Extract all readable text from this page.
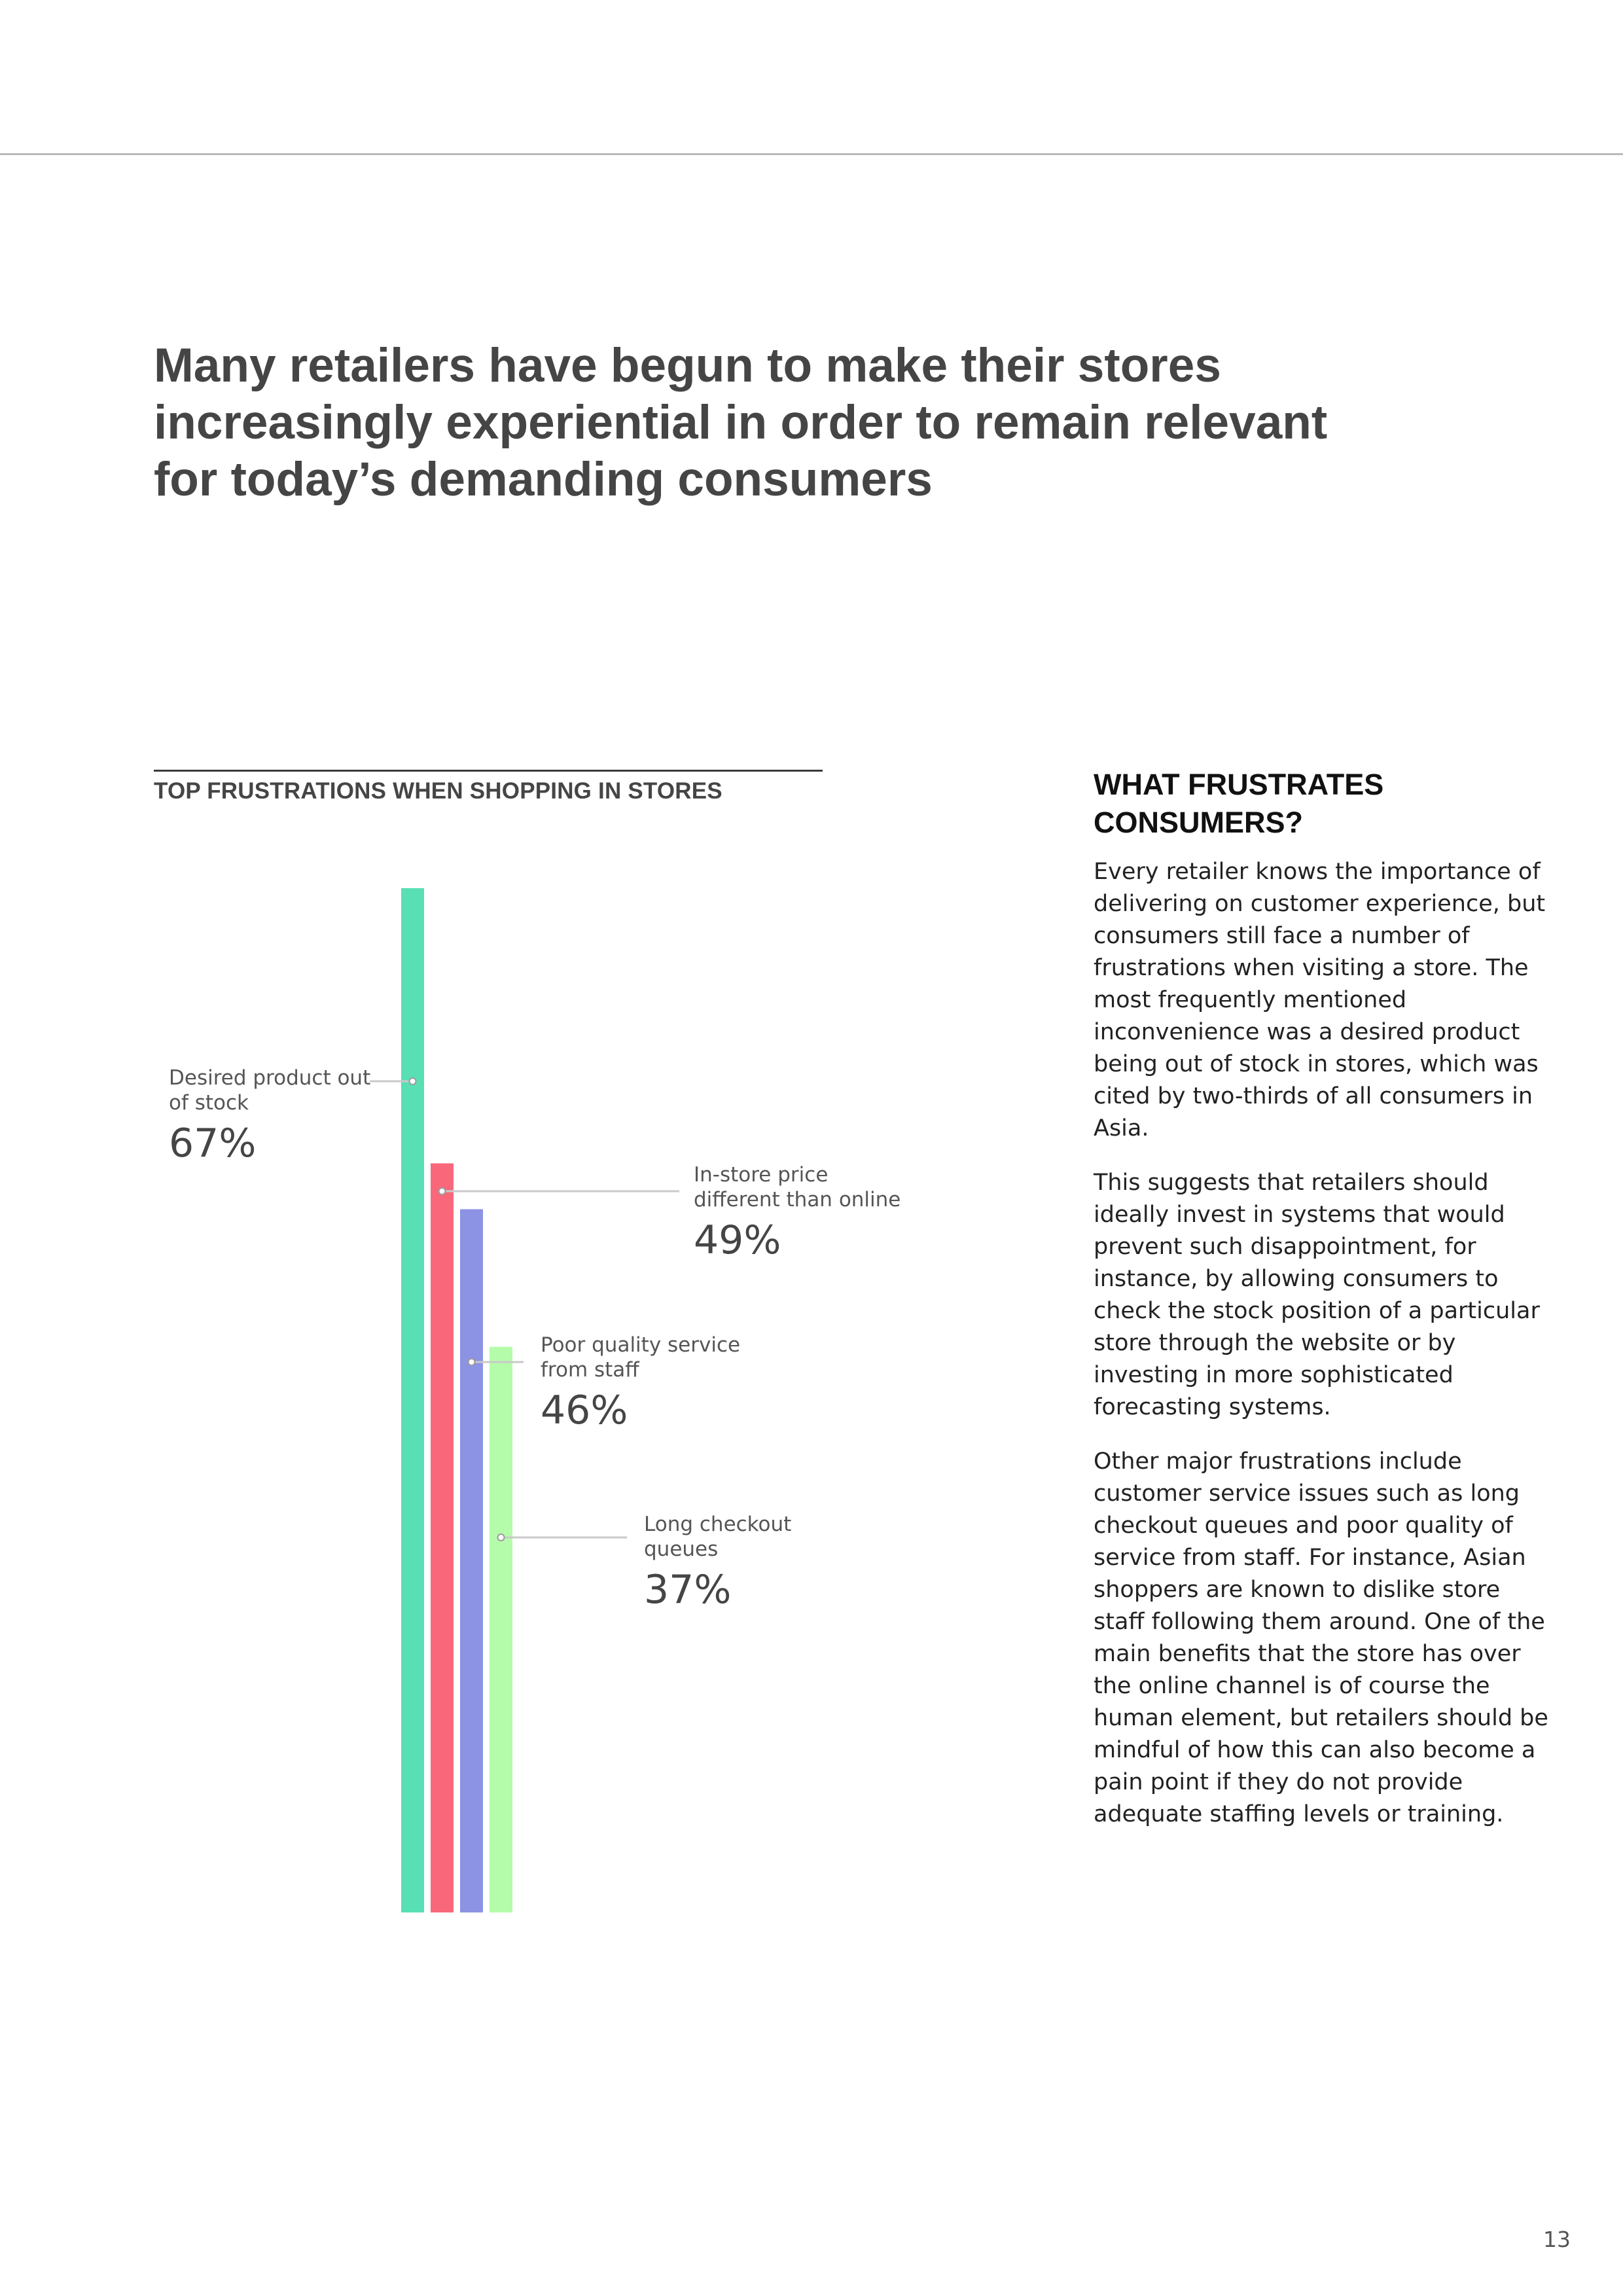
Many retailers have begun to make their stores increasingly experiential in order to remain relevant for today’s demanding consumers
TOP FRUSTRATIONS WHEN SHOPPING IN STORES
Desired product out of stock
67%
In-store price different than online
49%
Poor quality service from staff
46%
Long checkout queues
37%
WHAT FRUSTRATES CONSUMERS?

Every retailer knows the importance of delivering on customer experience, but consumers still face a number of frustrations when visiting a store. The most frequently mentioned inconvenience was a desired product being out of stock in stores, which was cited by two-thirds of all consumers in Asia.

This suggests that retailers should ideally invest in systems that would prevent such disappointment, for instance, by allowing consumers to check the stock position of a particular store through the website or by investing in more sophisticated forecasting systems.

Other major frustrations include customer service issues such as long checkout queues and poor quality of service from staff. For instance, Asian shoppers are known to dislike store staff following them around. One of the main benefits that the store has over the online channel is of course the human element, but retailers should be mindful of how this can also become a pain point if they do not provide adequate staffing levels or training.

13
